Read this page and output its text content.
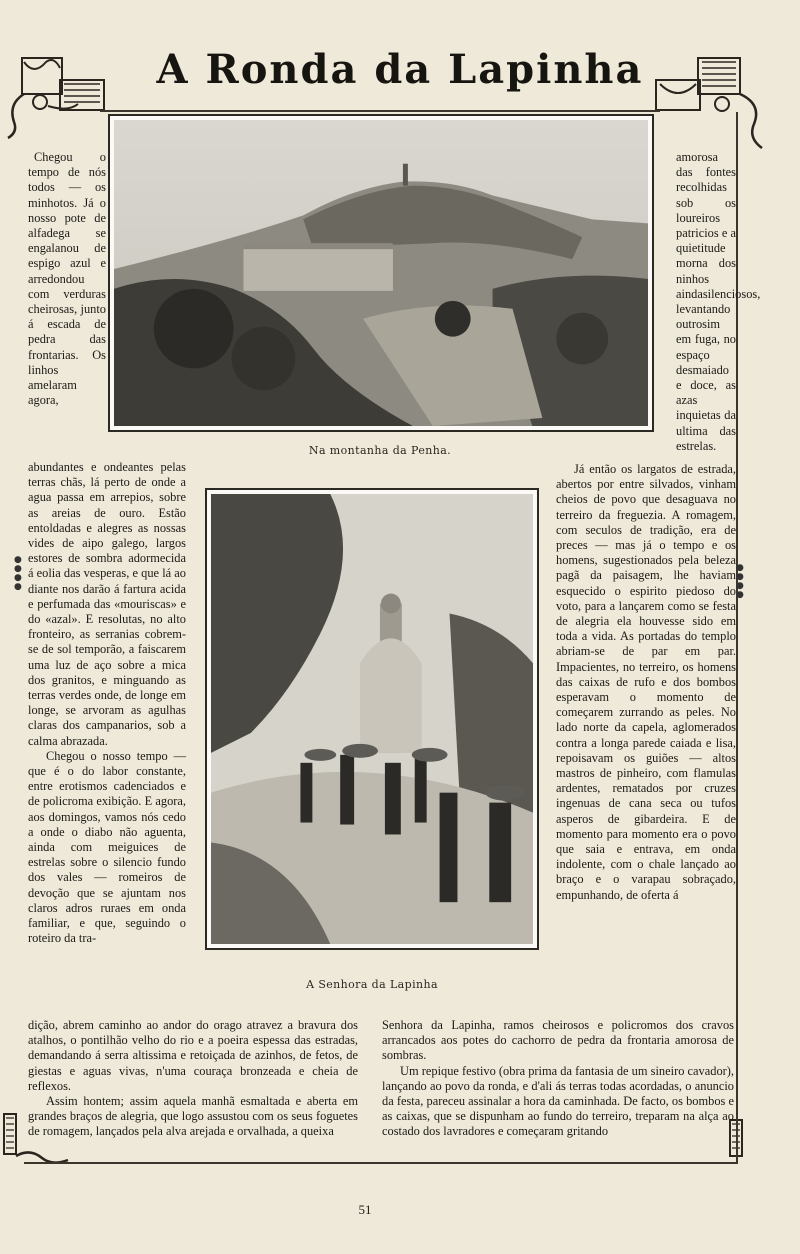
A Ronda da Lapinha
Na montanha da Penha.
A Senhora da Lapinha

Chegou o tempo de nós todos — os minhotos. Já o nosso pote de alfadega se engalanou de espigo azul e arredondou com verduras cheirosas, junto á escada de pedra das frontarias. Os linhos amelaram agora,

abundantes e ondeantes pelas terras chãs, lá perto de onde a agua passa em arrepios, sobre as areias de ouro. Estão entoldadas e alegres as nossas vides de aipo galego, largos estores de sombra adormecida á eolia das vesperas, e que lá ao diante nos darão á fartura acida e perfumada das «mouriscas» e do «azal». E resolutas, no alto fronteiro, as serranias cobrem-se de sol temporão, a faiscarem uma luz de aço sobre a mica dos granitos, e minguando as terras verdes onde, de longe em longe, se arvoram as agulhas claras dos campanarios, sob a calma abrazada.

Chegou o nosso tempo — que é o do labor constante, entre erotismos cadenciados e de policroma exibição. E agora, aos domingos, vamos nós cedo a onde o diabo não aguenta, ainda com meiguices de estrelas sobre o silencio fundo dos vales — romeiros de devoção que se ajuntam nos claros adros ruraes em onda familiar, e que, seguindo o roteiro da tra-

amorosa das fontes recolhidas sob os loureiros patricios e a quietitude morna dos ninhos aindasilenciosos, levantando outrosim em fuga, no espaço desmaiado e doce, as azas inquietas da ultima das estrelas.

Já então os largatos de estrada, abertos por entre silvados, vinham cheios de povo que desaguava no terreiro da freguezia. A romagem, com seculos de tradição, era de preces — mas já o tempo e os homens, sugestionados pela beleza pagã da paisagem, lhe haviam esquecido o espirito piedoso do voto, para a lançarem como se festa de alegria ela houvesse sido em toda a vida. As portadas do templo abriam-se de par em par. Impacientes, no terreiro, os homens das caixas de rufo e dos bombos esperavam o momento de começarem zurrando as peles. No lado norte da capela, aglomerados contra a longa parede caiada e lisa, repoisavam os guiões — altos mastros de pinheiro, com flamulas ardentes, rematados por cruzes ingenuas de cana seca ou tufos asperos de gibardeira. E de momento para momento era o povo que saia e entrava, em onda indolente, com o chale lançado ao braço e o varapau sobraçado, empunhando, de oferta á

dição, abrem caminho ao andor do orago atravez a bravura dos atalhos, o pontilhão velho do rio e a poeira espessa das estradas, demandando á serra altissima e retoiçada de azinhos, de fetos, de giestas e aguas vivas, n'uma couraça bronzeada e cheia de reflexos.

Assim hontem; assim aquela manhã esmaltada e aberta em grandes braços de alegria, que logo assustou com os seus foguetes de romagem, lançados pela alva arejada e orvalhada, a queixa

Senhora da Lapinha, ramos cheirosos e policromos dos cravos arrancados aos potes do cachorro de pedra da frontaria amorosa de sombras.

Um repique festivo (obra prima da fantasia de um sineiro cavador), lançando ao povo da ronda, e d'ali ás terras todas acordadas, o anuncio da festa, pareceu assinalar a hora da caminhada. De facto, os bombos e as caixas, que se dispunham ao fundo do terreiro, treparam na alça ao costado dos lavradores e começaram gritando

●
●
●
●
●
●
●
●
51
